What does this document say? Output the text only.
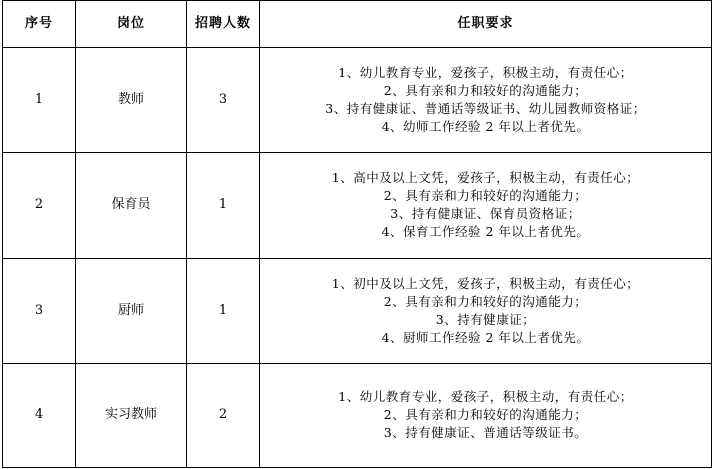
序号	岗位	招聘人数	任职要求
1	教师	3	1、幼儿教育专业，爱孩子，积极主动，有责任心；
2、具有亲和力和较好的沟通能力；
3、持有健康证、普通话等级证书、幼儿园教师资格证；
4、幼师工作经验 2 年以上者优先。

2	保育员	1	1、高中及以上文凭，爱孩子，积极主动，有责任心；
2、具有亲和力和较好的沟通能力；
3、持有健康证、保育员资格证；
4、保育工作经验 2 年以上者优先。

3	厨师	1	1、初中及以上文凭，爱孩子，积极主动，有责任心；
2、具有亲和力和较好的沟通能力；
3、持有健康证；
4、厨师工作经验 2 年以上者优先。

4	实习教师	2	1、幼儿教育专业，爱孩子，积极主动，有责任心；
2、具有亲和力和较好的沟通能力；
3、持有健康证、普通话等级证书。
